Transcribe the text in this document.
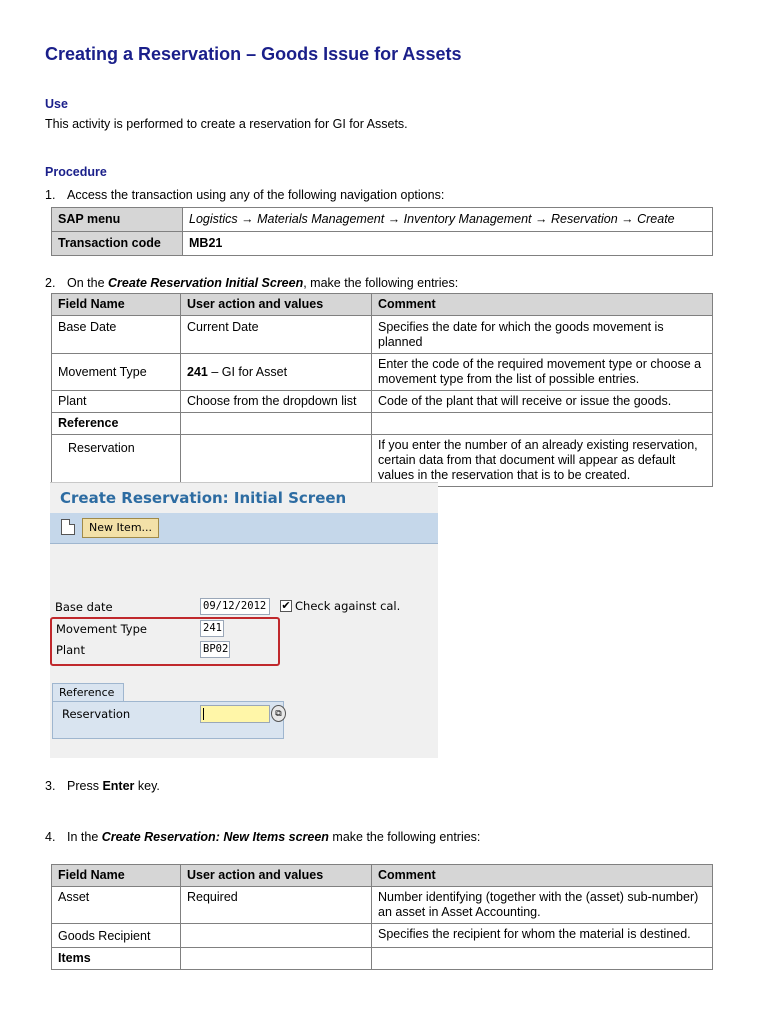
Creating a Reservation – Goods Issue for Assets
Use
This activity is performed to create a reservation for GI for Assets.
Procedure
1. Access the transaction using any of the following navigation options:
SAP menu	Logistics → Materials Management → Inventory Management → Reservation → Create
Transaction code	MB21
2. On the Create Reservation Initial Screen, make the following entries:
Field Name	User action and values	Comment
Base Date	Current Date	Specifies the date for which the goods movement is planned
Movement Type	241 – GI for Asset	Enter the code of the required movement type or choose a movement type from the list of possible entries.
Plant	Choose from the dropdown list	Code of the plant that will receive or issue the goods.
Reference		
Reservation		If you enter the number of an already existing reservation, certain data from that document will appear as default values in the reservation that is to be created.
Create Reservation: Initial Screen
New Item...
Base date	09/12/2012	✔ Check against cal.
Movement Type	241
Plant	BP02
Reference
Reservation	⧉
3. Press Enter key.
4. In the Create Reservation: New Items screen make the following entries:
Field Name	User action and values	Comment
Asset	Required	Number identifying (together with the (asset) sub-number) an asset in Asset Accounting.
Goods Recipient		Specifies the recipient for whom the material is destined.
Items		
